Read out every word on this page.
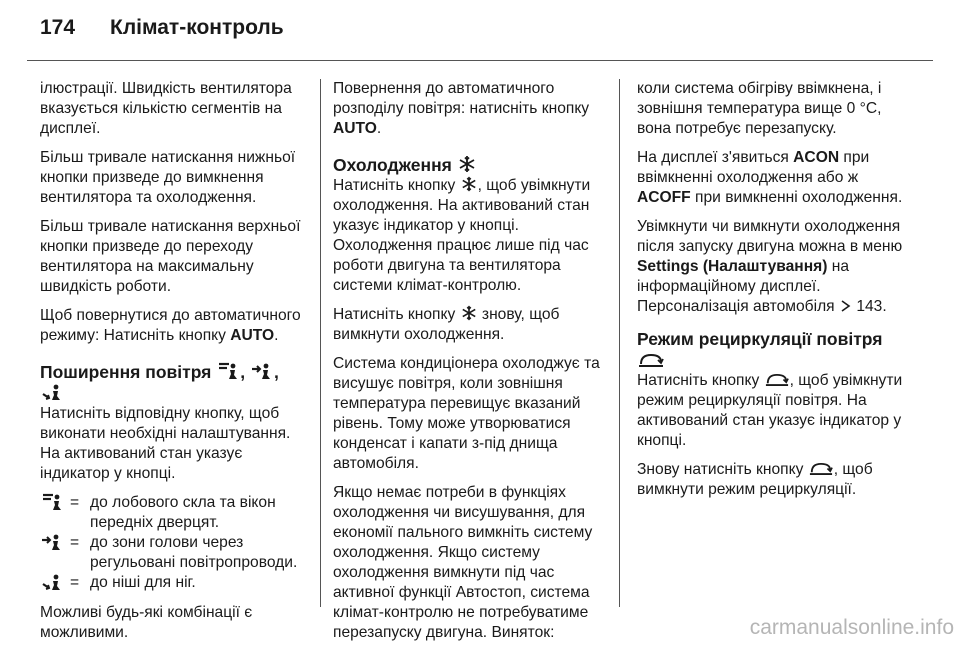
174 Клімат-контроль

ілюстрації. Швидкість вентилятора вказується кількістю сегментів на дисплеї.

Більш тривале натискання нижньої кнопки призведе до вимкнення вентилятора та охолодження.

Більш тривале натискання верхньої кнопки призведе до переходу вентилятора на максимальну швидкість роботи.

Щоб повернутися до автоматичного режиму: Натисніть кнопку AUTO.

Поширення повітря , ,

Натисніть відповідну кнопку, щоб виконати необхідні налаштування. На активований стан указує індикатор у кнопці.

= до лобового скла та вікон передніх дверцят.
= до зони голови через регульовані повітропроводи.
= до ніші для ніг.

Можливі будь-які комбінації є можливими.

Повернення до автоматичного розподілу повітря: натисніть кнопку AUTO.

Охолодження

Натисніть кнопку
, щоб увімкнути охолодження. На активований стан указує індикатор у кнопці. Охолодження працює лише під час роботи двигуна та вентилятора системи клімат-контролю.

Натисніть кнопку
знову, щоб вимкнути охолодження.

Система кондиціонера охолоджує та висушує повітря, коли зовнішня температура перевищує вказаний рівень. Тому може утворюватися конденсат і капати з-під днища автомобіля.

Якщо немає потреби в функціях охолодження чи висушування, для економії пального вимкніть систему охолодження. Якщо систему охолодження вимкнути під час активної функції Автостоп, система клімат-контролю не потребуватиме перезапуску двигуна. Виняток:

коли система обігріву ввімкнена, і зовнішня температура вище 0 °C, вона потребує перезапуску.

На дисплеї з'явиться ACON при ввімкненні охолодження або ж ACOFF при вимкненні охолодження.

Увімкнути чи вимкнути охолодження після запуску двигуна можна в меню Settings (Налаштування) на інформаційному дисплеї. Персоналізація автомобіля
143.

Режим рециркуляції повітря

Натисніть кнопку
, щоб увімкнути режим рециркуляції повітря. На активований стан указує індикатор у кнопці.

Знову натисніть кнопку
, щоб вимкнути режим рециркуляції.

carmanualsonline.info
